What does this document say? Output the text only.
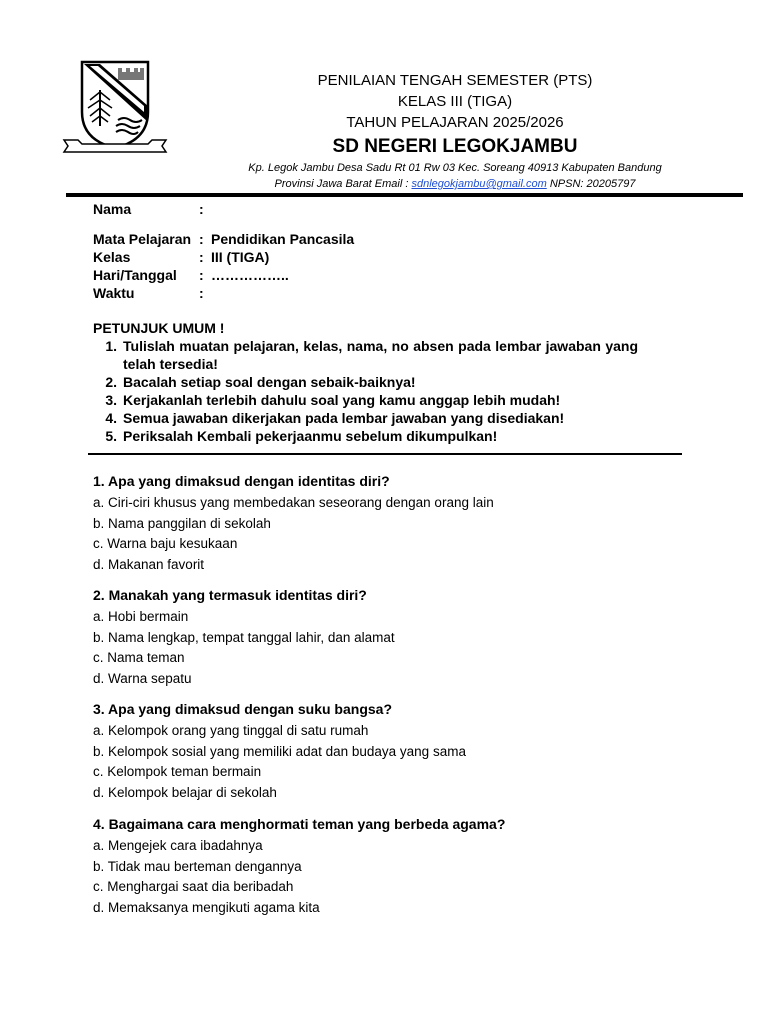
PENILAIAN TENGAH SEMESTER (PTS)
KELAS III (TIGA)
TAHUN PELAJARAN 2025/2026
SD NEGERI LEGOKJAMBU
Kp. Legok Jambu Desa Sadu Rt 01 Rw 03 Kec. Soreang 40913 Kabupaten Bandung
Provinsi Jawa Barat Email : sdnlegokjambu@gmail.com NPSN: 20205797
Nama	:
Mata Pelajaran : Pendidikan Pancasila
Kelas	: III (TIGA)
Hari/Tanggal : ……………..
Waktu	:
PETUNJUK UMUM !
1. Tulislah muatan pelajaran, kelas, nama, no absen pada lembar jawaban yang telah tersedia!
2. Bacalah setiap soal dengan sebaik-baiknya!
3. Kerjakanlah terlebih dahulu soal yang kamu anggap lebih mudah!
4. Semua jawaban dikerjakan pada lembar jawaban yang disediakan!
5. Periksalah Kembali pekerjaanmu sebelum dikumpulkan!
1. Apa yang dimaksud dengan identitas diri?
a. Ciri-ciri khusus yang membedakan seseorang dengan orang lain
b. Nama panggilan di sekolah
c. Warna baju kesukaan
d. Makanan favorit
2. Manakah yang termasuk identitas diri?
a. Hobi bermain
b. Nama lengkap, tempat tanggal lahir, dan alamat
c. Nama teman
d. Warna sepatu
3. Apa yang dimaksud dengan suku bangsa?
a. Kelompok orang yang tinggal di satu rumah
b. Kelompok sosial yang memiliki adat dan budaya yang sama
c. Kelompok teman bermain
d. Kelompok belajar di sekolah
4. Bagaimana cara menghormati teman yang berbeda agama?
a. Mengejek cara ibadahnya
b. Tidak mau berteman dengannya
c. Menghargai saat dia beribadah
d. Memaksanya mengikuti agama kita
